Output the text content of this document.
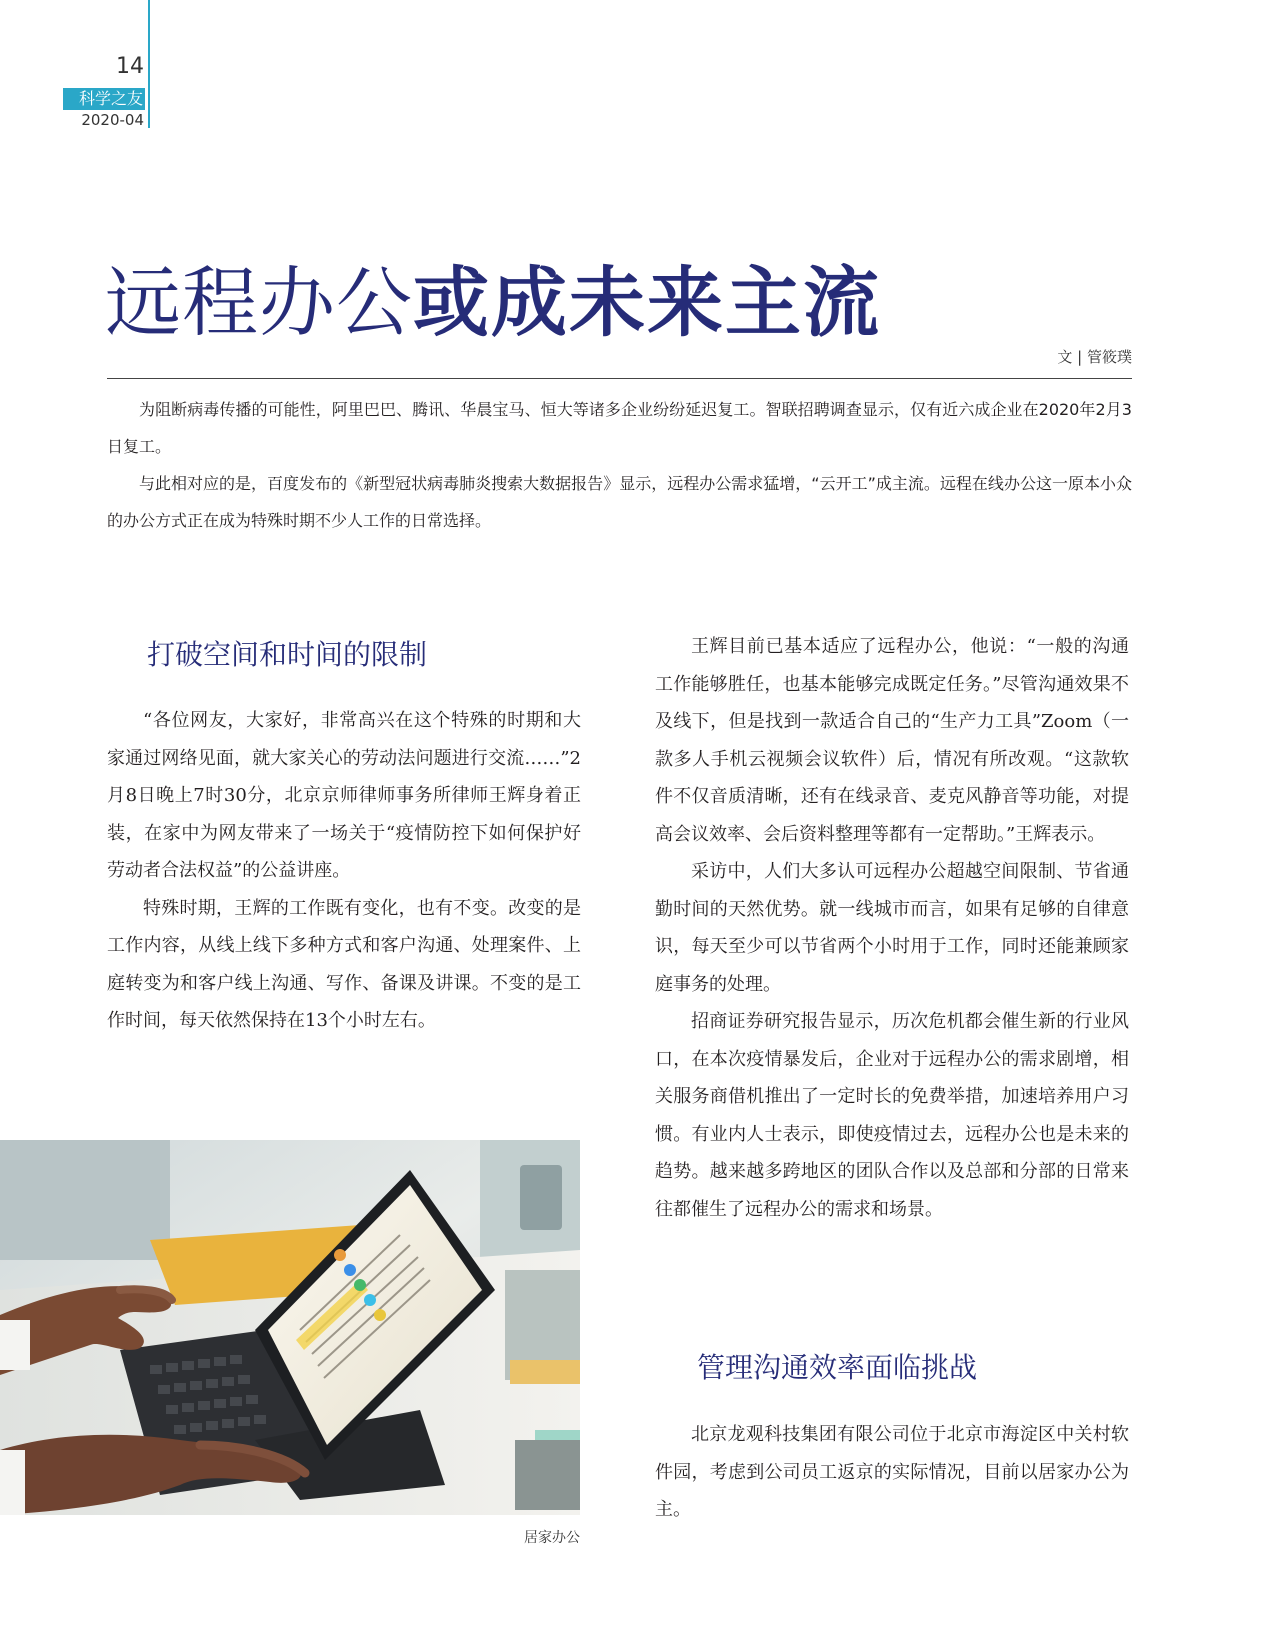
14
科学之友
2020-04
远程办公或成未来主流
文 | 管筱璞

为阻断病毒传播的可能性，阿里巴巴、腾讯、华晨宝马、恒大等诸多企业纷纷延迟复工。智联招聘调查显示，仅有近六成企业在2020年2月3日复工。

与此相对应的是，百度发布的《新型冠状病毒肺炎搜索大数据报告》显示，远程办公需求猛增，“云开工”成主流。远程在线办公这一原本小众的办公方式正在成为特殊时期不少人工作的日常选择。

打破空间和时间的限制

“各位网友，大家好，非常高兴在这个特殊的时期和大家通过网络见面，就大家关心的劳动法问题进行交流……”2月8日晚上7时30分，北京京师律师事务所律师王辉身着正装，在家中为网友带来了一场关于“疫情防控下如何保护好劳动者合法权益”的公益讲座。

特殊时期，王辉的工作既有变化，也有不变。改变的是工作内容，从线上线下多种方式和客户沟通、处理案件、上庭转变为和客户线上沟通、写作、备课及讲课。不变的是工作时间，每天依然保持在13个小时左右。

居家办公

王辉目前已基本适应了远程办公，他说：“一般的沟通工作能够胜任，也基本能够完成既定任务。”尽管沟通效果不及线下，但是找到一款适合自己的“生产力工具”Zoom（一款多人手机云视频会议软件）后，情况有所改观。“这款软件不仅音质清晰，还有在线录音、麦克风静音等功能，对提高会议效率、会后资料整理等都有一定帮助。”王辉表示。

采访中，人们大多认可远程办公超越空间限制、节省通勤时间的天然优势。就一线城市而言，如果有足够的自律意识，每天至少可以节省两个小时用于工作，同时还能兼顾家庭事务的处理。

招商证券研究报告显示，历次危机都会催生新的行业风口，在本次疫情暴发后，企业对于远程办公的需求剧增，相关服务商借机推出了一定时长的免费举措，加速培养用户习惯。有业内人士表示，即使疫情过去，远程办公也是未来的趋势。越来越多跨地区的团队合作以及总部和分部的日常来往都催生了远程办公的需求和场景。

管理沟通效率面临挑战

北京龙观科技集团有限公司位于北京市海淀区中关村软件园，考虑到公司员工返京的实际情况，目前以居家办公为主。
